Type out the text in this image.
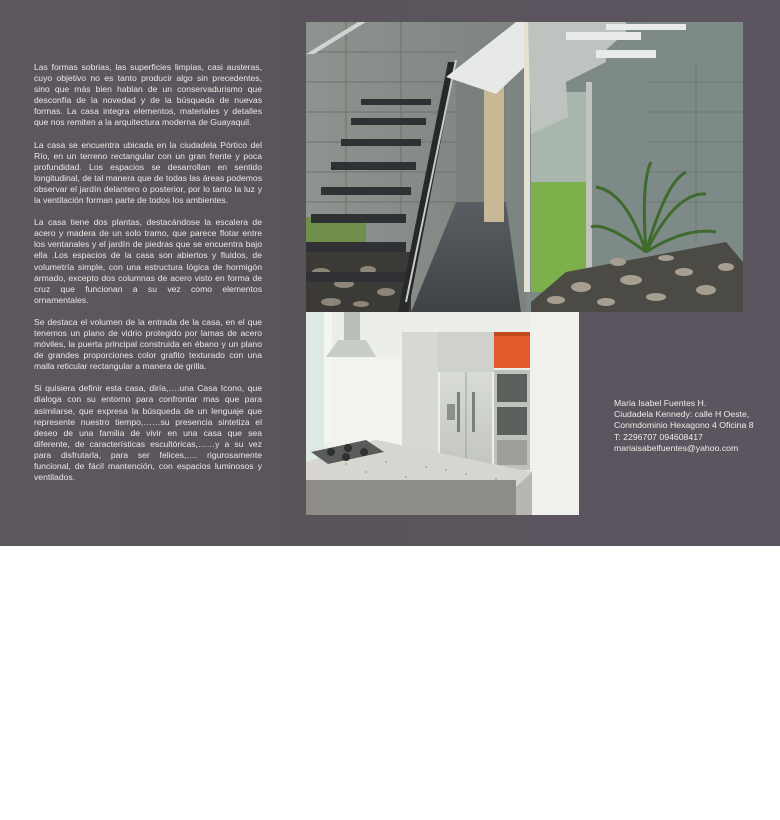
Las formas sobrias, las superficies limpias, casi austeras, cuyo objetivo no es tanto producir algo sin precedentes, sino que más bien hablan de un conservadurismo que desconfía de la novedad y de la búsqueda de nuevas formas. La casa integra elementos, materiales y detalles que nos remiten a la arquitectura moderna de Guayaquil.

La casa se encuentra ubicada en la ciudadela Pórtico del Río, en un terreno rectangular con un gran frente y poca profundidad. Los espacios se desarrollan en sentido longitudinal, de tal manera que de todas las áreas podemos observar el jardín delantero o posterior, por lo tanto la luz y la ventilación forman parte de todos los ambientes.

La casa tiene dos plantas, destacándose la escalera de acero y madera de un solo tramo, que parece flotar entre los ventanales y el jardín de piedras que se encuentra bajo ella .Los espacios de la casa son abiertos y fluidos, de volumetría simple, con una estructura lógica de hormigón armado, excepto dos columnas de acero visto en forma de cruz que funcionan a su vez como elementos ornamentales.

Se destaca el volumen de la entrada de la casa, en el que tenemos un plano de vidrio protegido por lamas de acero móviles, la puerta principal construida en ébano y un plano de grandes proporciones color grafito texturado con una malla reticular rectangular a manera de grilla.

Si quisiera definir esta casa, diría,….una Casa Icono, que dialoga con su entorno para confrontar mas que para asimilarse, que expresa la búsqueda de un lenguaje que represente nuestro tiempo,……su presencia sintetiza el deseo de una familia de vivir en una casa que sea diferente, de características escultóricas,……y a su vez para disfrutarla, para ser felices,…. rigurosamente funcional, de fácil mantención, con espacios luminosos y ventilados.

Maria Isabel Fuentes H.
Ciudadela Kennedy: calle H Oeste,
Conmdominio Hexagono 4 Oficina 8
T: 2296707 094608417
mariaisabelfuentes@yahoo.com
